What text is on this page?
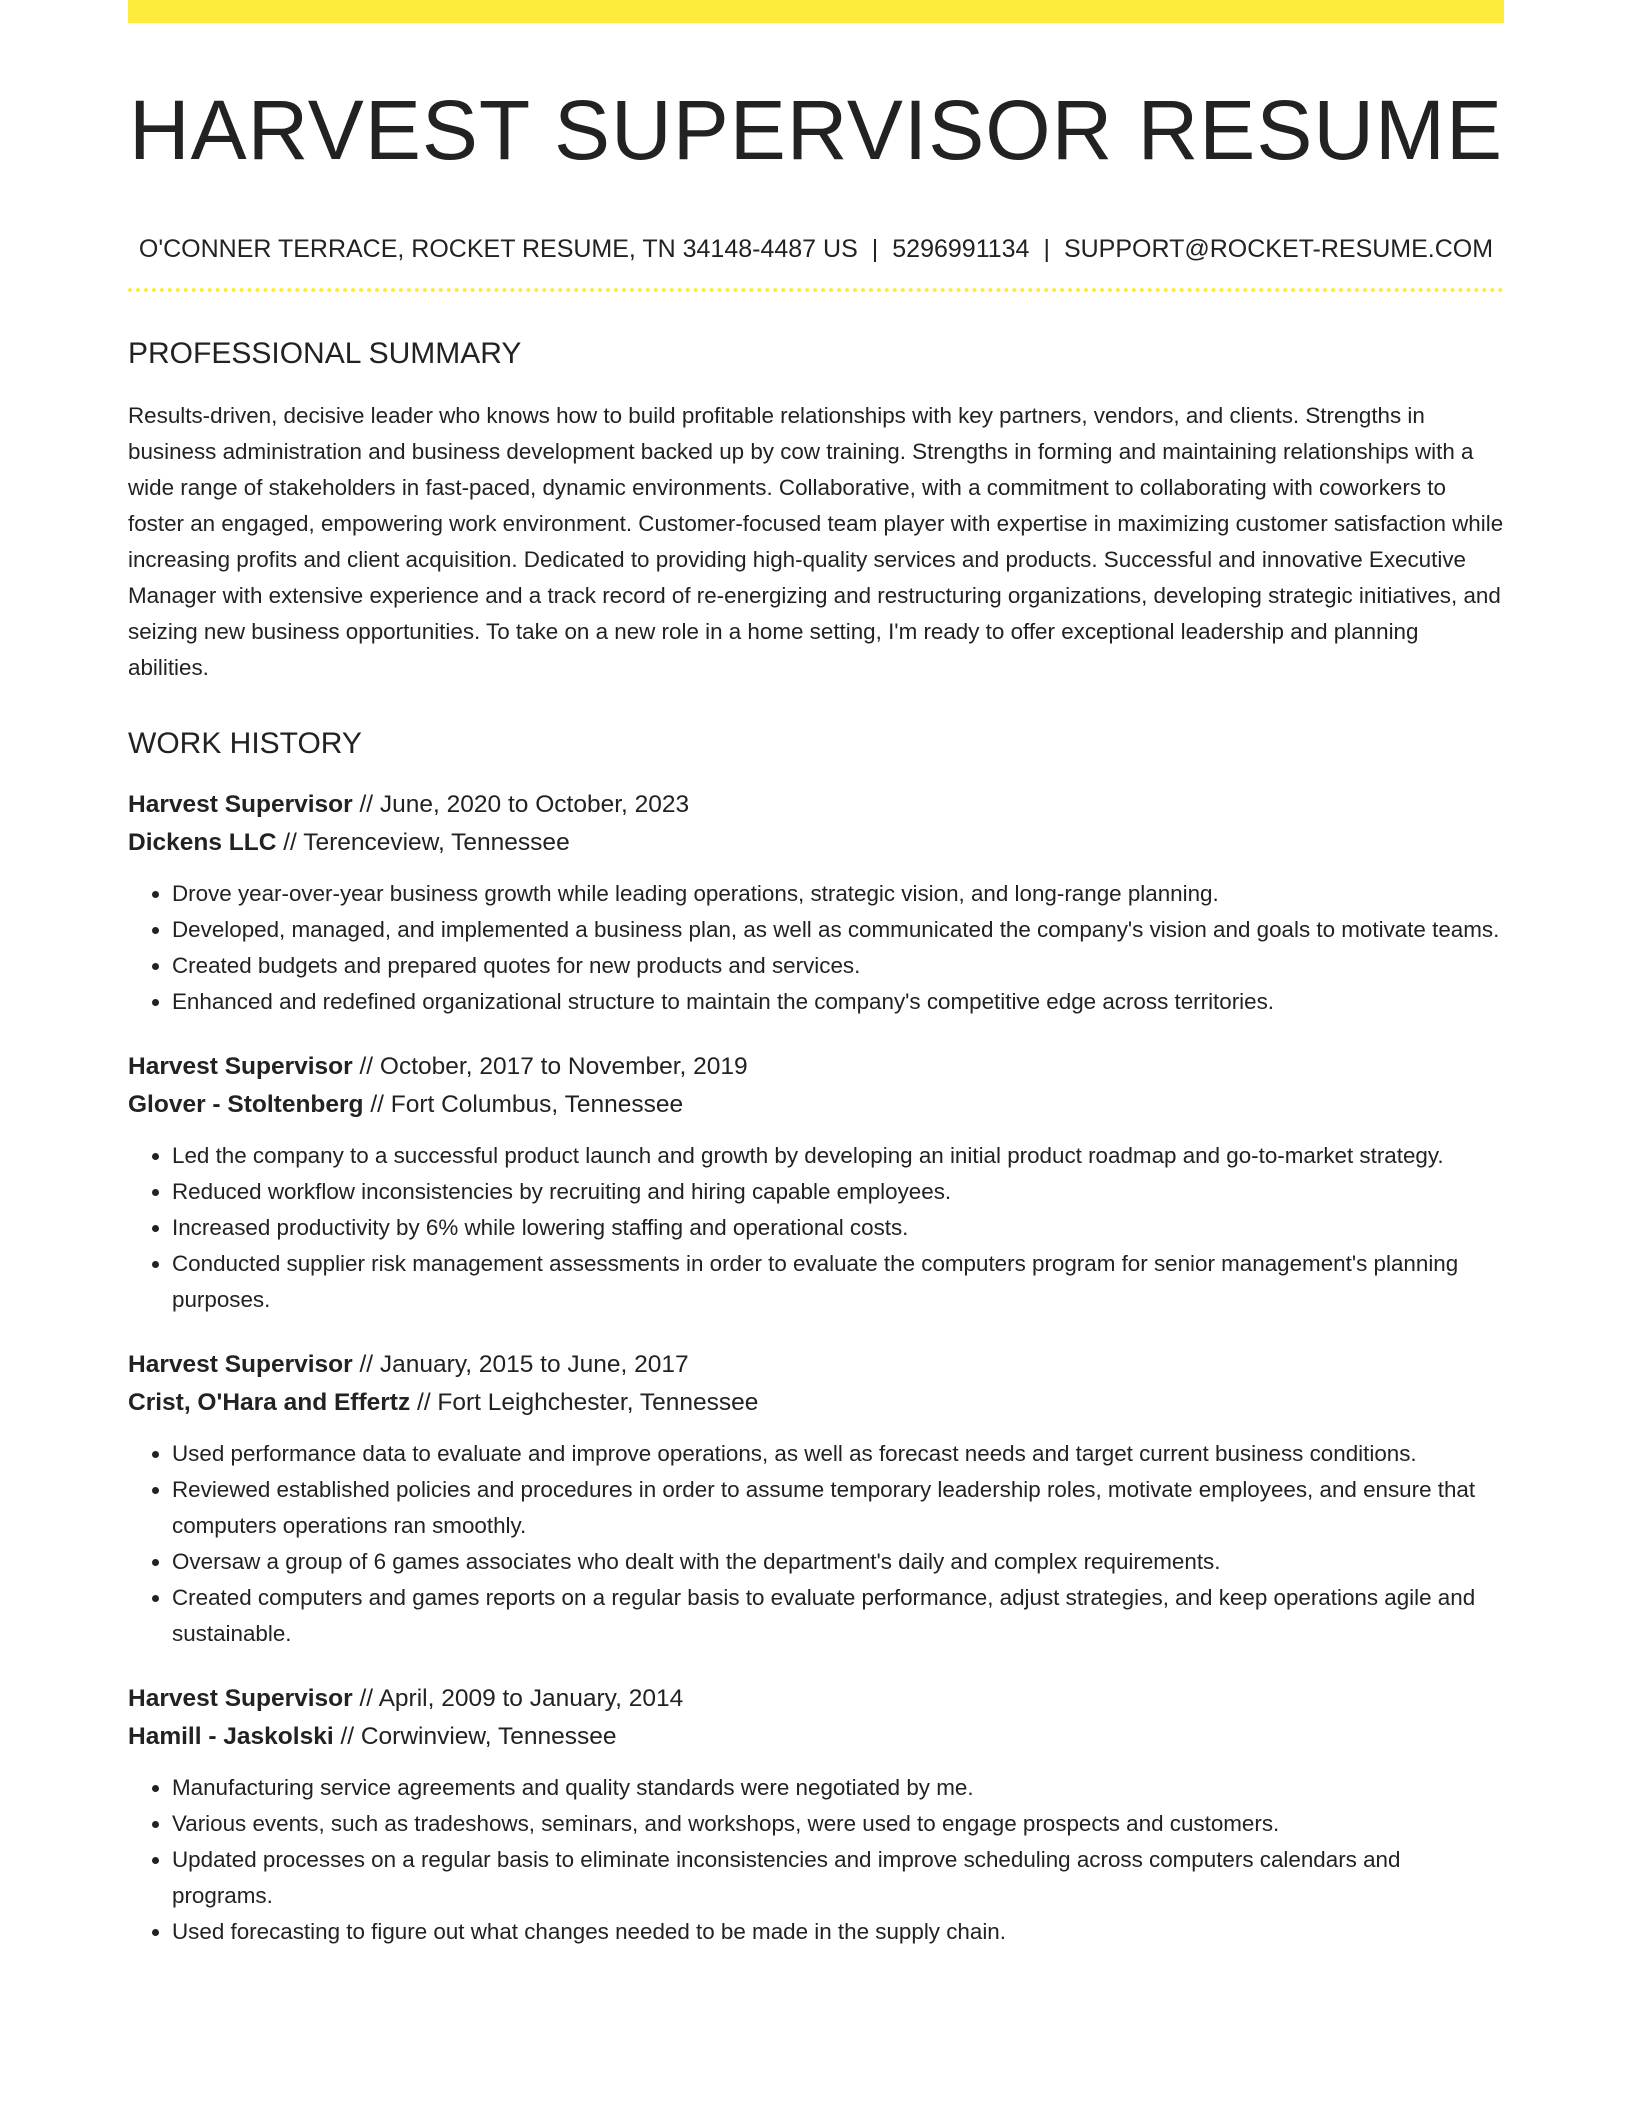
HARVEST SUPERVISOR RESUME
O'CONNER TERRACE, ROCKET RESUME, TN 34148-4487 US | 5296991134 | SUPPORT@ROCKET-RESUME.COM
PROFESSIONAL SUMMARY

Results-driven, decisive leader who knows how to build profitable relationships with key partners, vendors, and clients. Strengths in business administration and business development backed up by cow training. Strengths in forming and maintaining relationships with a wide range of stakeholders in fast-paced, dynamic environments. Collaborative, with a commitment to collaborating with coworkers to foster an engaged, empowering work environment. Customer-focused team player with expertise in maximizing customer satisfaction while increasing profits and client acquisition. Dedicated to providing high-quality services and products. Successful and innovative Executive Manager with extensive experience and a track record of re-energizing and restructuring organizations, developing strategic initiatives, and seizing new business opportunities. To take on a new role in a home setting, I'm ready to offer exceptional leadership and planning abilities.

WORK HISTORY
Harvest Supervisor // June, 2020 to October, 2023
Dickens LLC // Terenceview, Tennessee
• Drove year-over-year business growth while leading operations, strategic vision, and long-range planning.
• Developed, managed, and implemented a business plan, as well as communicated the company's vision and goals to motivate teams.
• Created budgets and prepared quotes for new products and services.
• Enhanced and redefined organizational structure to maintain the company's competitive edge across territories.
Harvest Supervisor // October, 2017 to November, 2019
Glover - Stoltenberg // Fort Columbus, Tennessee
• Led the company to a successful product launch and growth by developing an initial product roadmap and go-to-market strategy.
• Reduced workflow inconsistencies by recruiting and hiring capable employees.
• Increased productivity by 6% while lowering staffing and operational costs.
• Conducted supplier risk management assessments in order to evaluate the computers program for senior management's planning purposes.
Harvest Supervisor // January, 2015 to June, 2017
Crist, O'Hara and Effertz // Fort Leighchester, Tennessee
• Used performance data to evaluate and improve operations, as well as forecast needs and target current business conditions.
• Reviewed established policies and procedures in order to assume temporary leadership roles, motivate employees, and ensure that computers operations ran smoothly.
• Oversaw a group of 6 games associates who dealt with the department's daily and complex requirements.
• Created computers and games reports on a regular basis to evaluate performance, adjust strategies, and keep operations agile and sustainable.
Harvest Supervisor // April, 2009 to January, 2014
Hamill - Jaskolski // Corwinview, Tennessee
• Manufacturing service agreements and quality standards were negotiated by me.
• Various events, such as tradeshows, seminars, and workshops, were used to engage prospects and customers.
• Updated processes on a regular basis to eliminate inconsistencies and improve scheduling across computers calendars and programs.
• Used forecasting to figure out what changes needed to be made in the supply chain.
